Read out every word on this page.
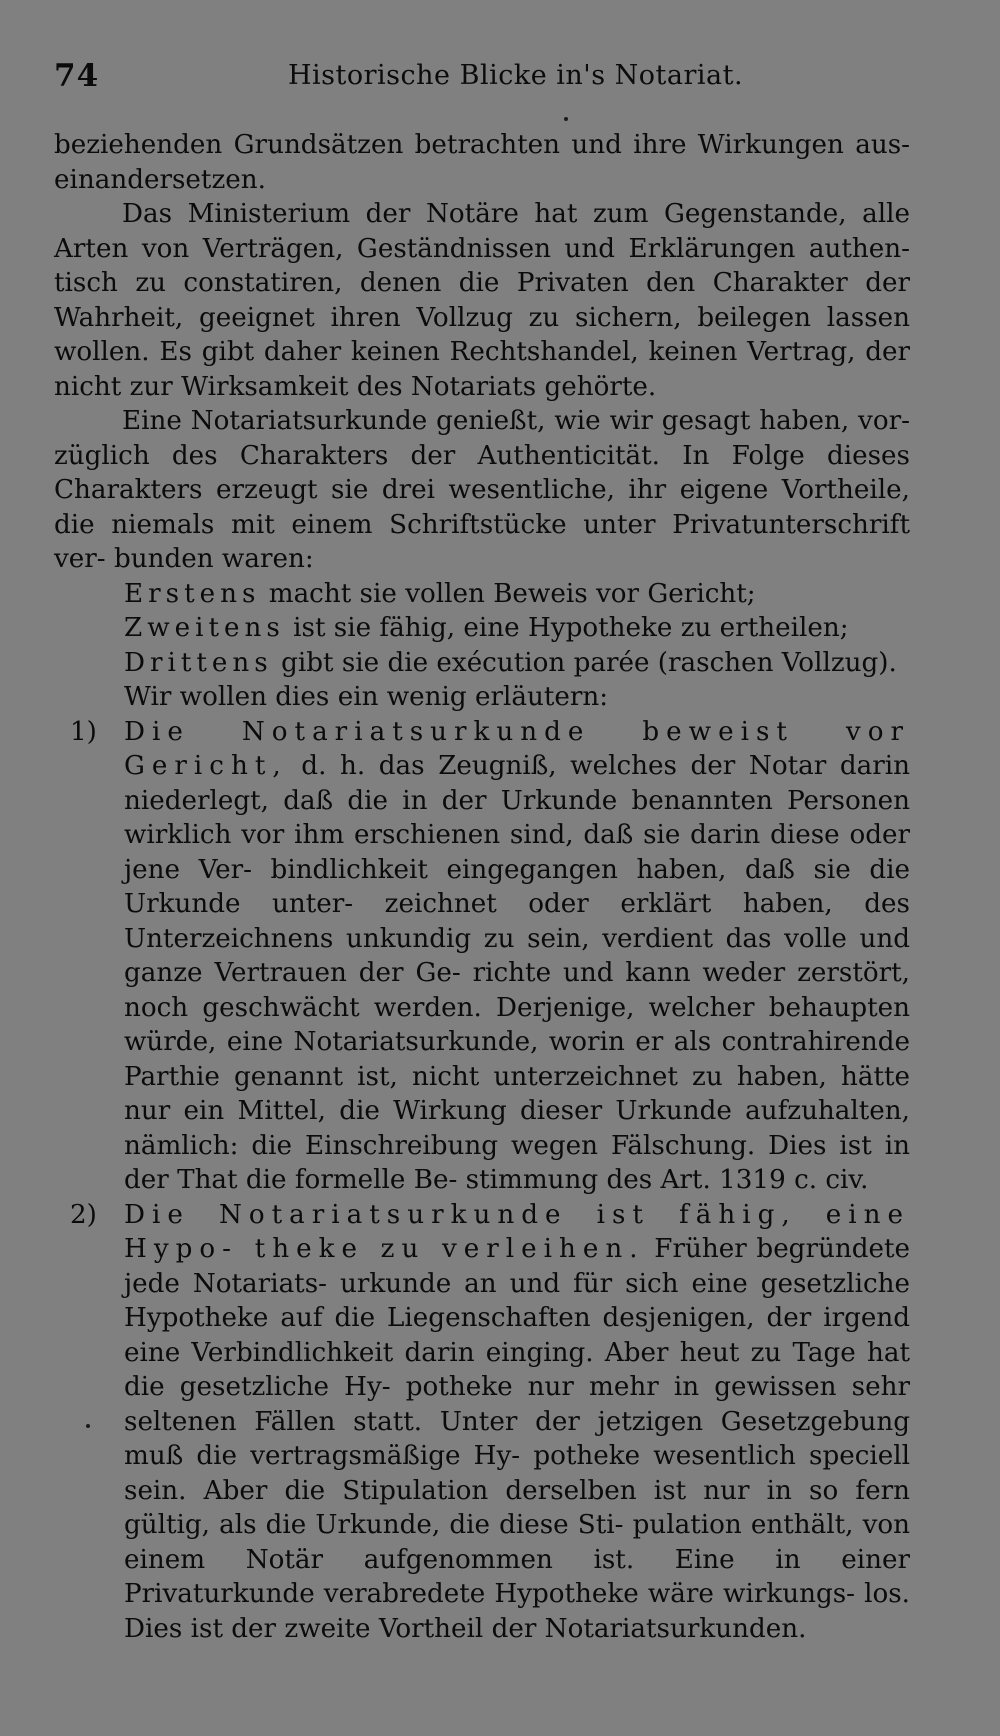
74	Historische Blicke in's Notariat.

beziehenden Grundsätzen betrachten und ihre Wirkungen aus- einandersetzen.

Das Ministerium der Notäre hat zum Gegenstande, alle Arten von Verträgen, Geständnissen und Erklärungen authen- tisch zu constatiren, denen die Privaten den Charakter der Wahrheit, geeignet ihren Vollzug zu sichern, beilegen lassen wollen. Es gibt daher keinen Rechtshandel, keinen Vertrag, der nicht zur Wirksamkeit des Notariats gehörte.

Eine Notariatsurkunde genießt, wie wir gesagt haben, vor- züglich des Charakters der Authenticität. In Folge dieses Charakters erzeugt sie drei wesentliche, ihr eigene Vortheile, die niemals mit einem Schriftstücke unter Privatunterschrift ver- bunden waren:

Erstens macht sie vollen Beweis vor Gericht;

Zweitens ist sie fähig, eine Hypotheke zu ertheilen;

Drittens gibt sie die exécution parée (raschen Vollzug).

Wir wollen dies ein wenig erläutern:

1) Die Notariatsurkunde beweist vor Gericht, d. h. das Zeugniß, welches der Notar darin niederlegt, daß die in der Urkunde benannten Personen wirklich vor ihm erschienen sind, daß sie darin diese oder jene Ver- bindlichkeit eingegangen haben, daß sie die Urkunde unter- zeichnet oder erklärt haben, des Unterzeichnens unkundig zu sein, verdient das volle und ganze Vertrauen der Ge- richte und kann weder zerstört, noch geschwächt werden. Derjenige, welcher behaupten würde, eine Notariatsurkunde, worin er als contrahirende Parthie genannt ist, nicht unterzeichnet zu haben, hätte nur ein Mittel, die Wirkung dieser Urkunde aufzuhalten, nämlich: die Einschreibung wegen Fälschung. Dies ist in der That die formelle Be- stimmung des Art. 1319 c. civ.
2) Die Notariatsurkunde ist fähig, eine Hypo- theke zu verleihen. Früher begründete jede Notariats- urkunde an und für sich eine gesetzliche Hypotheke auf die Liegenschaften desjenigen, der irgend eine Verbindlichkeit darin einging. Aber heut zu Tage hat die gesetzliche Hy- potheke nur mehr in gewissen sehr seltenen Fällen statt. Unter der jetzigen Gesetzgebung muß die vertragsmäßige Hy- potheke wesentlich speciell sein. Aber die Stipulation derselben ist nur in so fern gültig, als die Urkunde, die diese Sti- pulation enthält, von einem Notär aufgenommen ist. Eine in einer Privaturkunde verabredete Hypotheke wäre wirkungs- los. Dies ist der zweite Vortheil der Notariatsurkunden.
